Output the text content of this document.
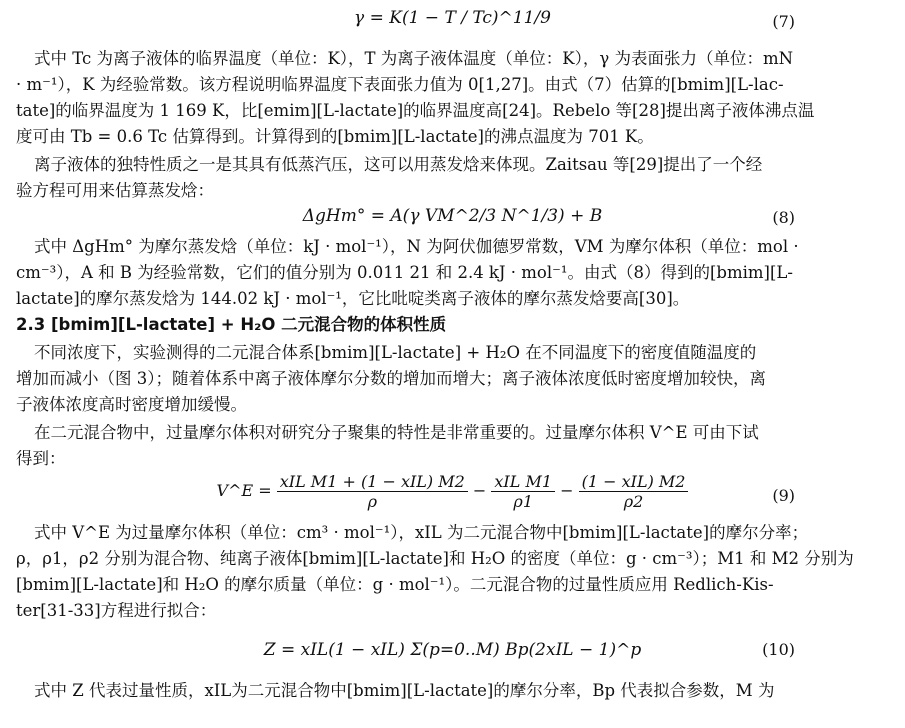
γ = K(1 − T / Tc)^11/9	(7)
式中 Tc 为离子液体的临界温度（单位：K），T 为离子液体温度（单位：K），γ 为表面张力（单位：mN
· m⁻¹），K 为经验常数。该方程说明临界温度下表面张力值为 0[1,27]。由式（7）估算的[bmim][L-lac-
tate]的临界温度为 1 169 K，比[emim][L-lactate]的临界温度高[24]。Rebelo 等[28]提出离子液体沸点温
度可由 Tb = 0.6 Tc 估算得到。计算得到的[bmim][L-lactate]的沸点温度为 701 K。
离子液体的独特性质之一是其具有低蒸汽压，这可以用蒸发焓来体现。Zaitsau 等[29]提出了一个经
验方程可用来估算蒸发焓：
ΔgHm° = A(γ VM^2/3 N^1/3) + B	(8)
式中 ΔgHm° 为摩尔蒸发焓（单位：kJ · mol⁻¹），N 为阿伏伽德罗常数，VM 为摩尔体积（单位：mol ·
cm⁻³），A 和 B 为经验常数，它们的值分别为 0.011 21 和 2.4 kJ · mol⁻¹。由式（8）得到的[bmim][L-
lactate]的摩尔蒸发焓为 144.02 kJ · mol⁻¹，它比吡啶类离子液体的摩尔蒸发焓要高[30]。
2.3 [bmim][L-lactate] + H₂O 二元混合物的体积性质
不同浓度下，实验测得的二元混合体系[bmim][L-lactate] + H₂O 在不同温度下的密度值随温度的
增加而减小（图 3）；随着体系中离子液体摩尔分数的增加而增大；离子液体浓度低时密度增加较快，离
子液体浓度高时密度增加缓慢。
在二元混合物中，过量摩尔体积对研究分子聚集的特性是非常重要的。过量摩尔体积 V^E 可由下试
得到：
V^E = $\frac{\text{xIL M1 + (1 − xIL) M2}}{\rho} - \frac{\text{xIL M1}}{\rho 1} - \frac{\text{(1 − xIL) M2}}{\rho 2}$	(9)
式中 V^E 为过量摩尔体积（单位：cm³ · mol⁻¹），xIL 为二元混合物中[bmim][L-lactate]的摩尔分率；
ρ，ρ1，ρ2 分别为混合物、纯离子液体[bmim][L-lactate]和 H₂O 的密度（单位：g · cm⁻³）；M1 和 M2 分别为
[bmim][L-lactate]和 H₂O 的摩尔质量（单位：g · mol⁻¹）。二元混合物的过量性质应用 Redlich-Kis-
ter[31-33]方程进行拟合：
Z = xIL(1 − xIL) Σ(p=0..M) Bp(2xIL − 1)^p	(10)
式中 Z 代表过量性质，xIL为二元混合物中[bmim][L-lactate]的摩尔分率，Bp 代表拟合参数，M 为
